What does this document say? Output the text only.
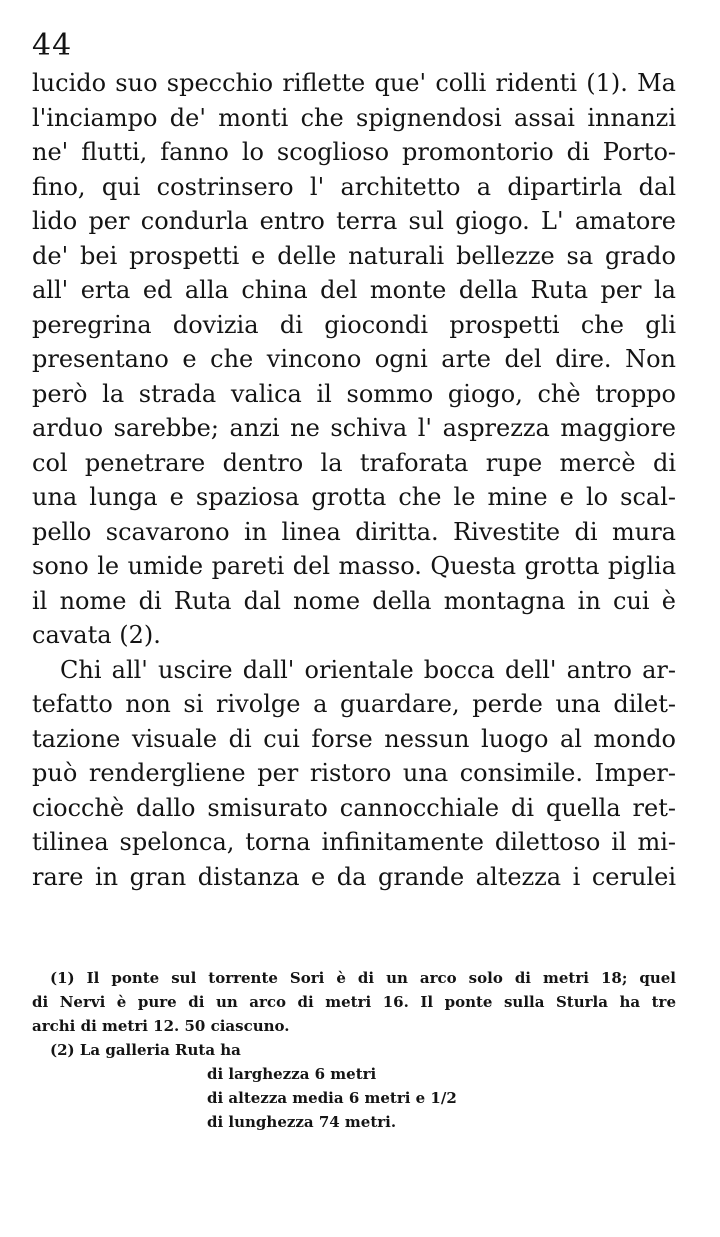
44
lucido suo specchio riflette que' colli ridenti (1). Ma
l'inciampo de' monti che spignendosi assai innanzi
ne' flutti, fanno lo scoglioso promontorio di Porto-
fino, qui costrinsero l' architetto a dipartirla dal
lido per condurla entro terra sul giogo. L' amatore
de' bei prospetti e delle naturali bellezze sa grado
all' erta ed alla china del monte della Ruta per la
peregrina dovizia di giocondi prospetti che gli
presentano e che vincono ogni arte del dire. Non
però la strada valica il sommo giogo, chè troppo
arduo sarebbe; anzi ne schiva l' asprezza maggiore
col penetrare dentro la traforata rupe mercè di
una lunga e spaziosa grotta che le mine e lo scal-
pello scavarono in linea diritta. Rivestite di mura
sono le umide pareti del masso. Questa grotta piglia
il nome di Ruta dal nome della montagna in cui è
cavata (2).
Chi all' uscire dall' orientale bocca dell' antro ar-
tefatto non si rivolge a guardare, perde una dilet-
tazione visuale di cui forse nessun luogo al mondo
può rendergliene per ristoro una consimile. Imper-
ciocchè dallo smisurato cannocchiale di quella ret-
tilinea spelonca, torna infinitamente dilettoso il mi-
rare in gran distanza e da grande altezza i cerulei
(1) Il ponte sul torrente Sori è di un arco solo di metri 18; quel
di Nervi è pure di un arco di metri 16. Il ponte sulla Sturla ha tre
archi di metri 12. 50 ciascuno.
(2) La galleria Ruta ha
di larghezza 6 metri
di altezza media 6 metri e 1/2
di lunghezza 74 metri.
